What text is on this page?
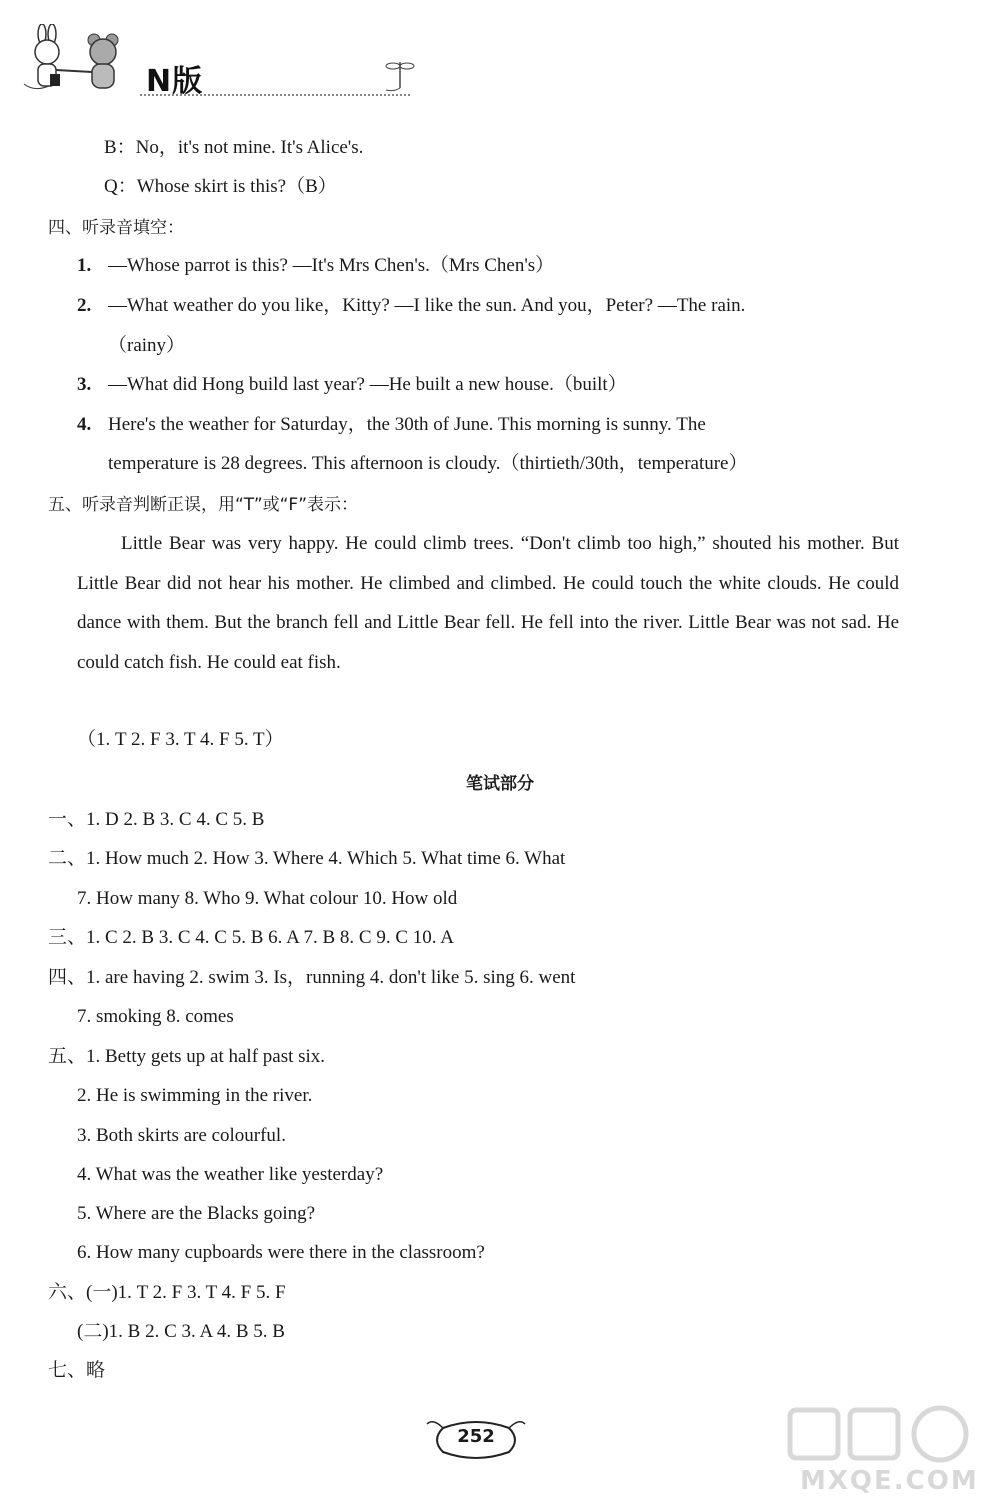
N版
B：No，it's not mine. It's Alice's.
Q：Whose skirt is this?（B）
四、听录音填空：
1. —Whose parrot is this? —It's Mrs Chen's.（Mrs Chen's）
2. —What weather do you like，Kitty? —I like the sun. And you，Peter? —The rain.
（rainy）
3. —What did Hong build last year? —He built a new house.（built）
4. Here's the weather for Saturday，the 30th of June. This morning is sunny. The
temperature is 28 degrees. This afternoon is cloudy.（thirtieth/30th，temperature）
五、听录音判断正误，用“T”或“F”表示：
Little Bear was very happy. He could climb trees. “Don't climb too high,” shouted his mother. But Little Bear did not hear his mother. He climbed and climbed. He could touch the white clouds. He could dance with them. But the branch fell and Little Bear fell. He fell into the river. Little Bear was not sad. He could catch fish. He could eat fish.
（1. T 2. F 3. T 4. F 5. T）
笔试部分
一、1. D 2. B 3. C 4. C 5. B
二、1. How much 2. How 3. Where 4. Which 5. What time 6. What
7. How many 8. Who 9. What colour 10. How old
三、1. C 2. B 3. C 4. C 5. B 6. A 7. B 8. C 9. C 10. A
四、1. are having 2. swim 3. Is，running 4. don't like 5. sing 6. went
7. smoking 8. comes
五、1. Betty gets up at half past six.
2. He is swimming in the river.
3. Both skirts are colourful.
4. What was the weather like yesterday?
5. Where are the Blacks going?
6. How many cupboards were there in the classroom?
六、(一)1. T 2. F 3. T 4. F 5. F
(二)1. B 2. C 3. A 4. B 5. B
七、略
252
MXQE.COM
